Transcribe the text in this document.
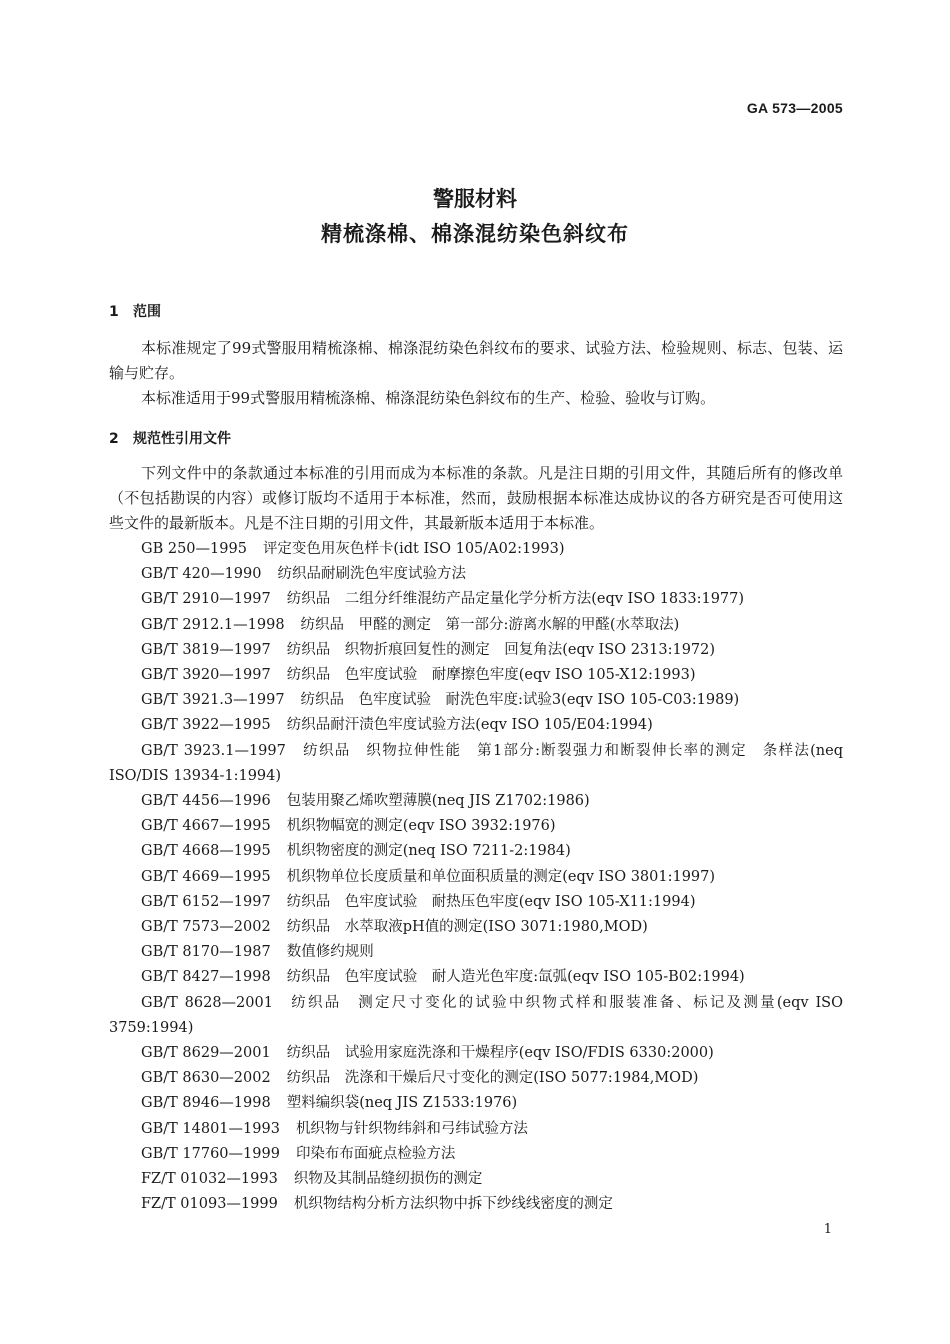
GA 573—2005
警服材料
精梳涤棉、棉涤混纺染色斜纹布
1 范围
本标准规定了99式警服用精梳涤棉、棉涤混纺染色斜纹布的要求、试验方法、检验规则、标志、包装、运输与贮存。
本标准适用于99式警服用精梳涤棉、棉涤混纺染色斜纹布的生产、检验、验收与订购。
2 规范性引用文件
下列文件中的条款通过本标准的引用而成为本标准的条款。凡是注日期的引用文件，其随后所有的修改单（不包括勘误的内容）或修订版均不适用于本标准，然而，鼓励根据本标准达成协议的各方研究是否可使用这些文件的最新版本。凡是不注日期的引用文件，其最新版本适用于本标准。
GB 250—1995 评定变色用灰色样卡(idt ISO 105/A02:1993)
GB/T 420—1990 纺织品耐刷洗色牢度试验方法
GB/T 2910—1997 纺织品　二组分纤维混纺产品定量化学分析方法(eqv ISO 1833:1977)
GB/T 2912.1—1998 纺织品　甲醛的测定　第一部分:游离水解的甲醛(水萃取法)
GB/T 3819—1997 纺织品　织物折痕回复性的测定　回复角法(eqv ISO 2313:1972)
GB/T 3920—1997 纺织品　色牢度试验　耐摩擦色牢度(eqv ISO 105-X12:1993)
GB/T 3921.3—1997 纺织品　色牢度试验　耐洗色牢度:试验3(eqv ISO 105-C03:1989)
GB/T 3922—1995 纺织品耐汗渍色牢度试验方法(eqv ISO 105/E04:1994)
GB/T 3923.1—1997 纺织品　织物拉伸性能　第1部分:断裂强力和断裂伸长率的测定　条样法(neq ISO/DIS 13934-1:1994)
GB/T 4456—1996 包装用聚乙烯吹塑薄膜(neq JIS Z1702:1986)
GB/T 4667—1995 机织物幅宽的测定(eqv ISO 3932:1976)
GB/T 4668—1995 机织物密度的测定(neq ISO 7211-2:1984)
GB/T 4669—1995 机织物单位长度质量和单位面积质量的测定(eqv ISO 3801:1997)
GB/T 6152—1997 纺织品　色牢度试验　耐热压色牢度(eqv ISO 105-X11:1994)
GB/T 7573—2002 纺织品　水萃取液pH值的测定(ISO 3071:1980,MOD)
GB/T 8170—1987 数值修约规则
GB/T 8427—1998 纺织品　色牢度试验　耐人造光色牢度:氙弧(eqv ISO 105-B02:1994)
GB/T 8628—2001 纺织品　测定尺寸变化的试验中织物式样和服装准备、标记及测量(eqv ISO 3759:1994)
GB/T 8629—2001 纺织品　试验用家庭洗涤和干燥程序(eqv ISO/FDIS 6330:2000)
GB/T 8630—2002 纺织品　洗涤和干燥后尺寸变化的测定(ISO 5077:1984,MOD)
GB/T 8946—1998 塑料编织袋(neq JIS Z1533:1976)
GB/T 14801—1993 机织物与针织物纬斜和弓纬试验方法
GB/T 17760—1999 印染布布面疵点检验方法
FZ/T 01032—1993 织物及其制品缝纫损伤的测定
FZ/T 01093—1999 机织物结构分析方法织物中拆下纱线线密度的测定
1
